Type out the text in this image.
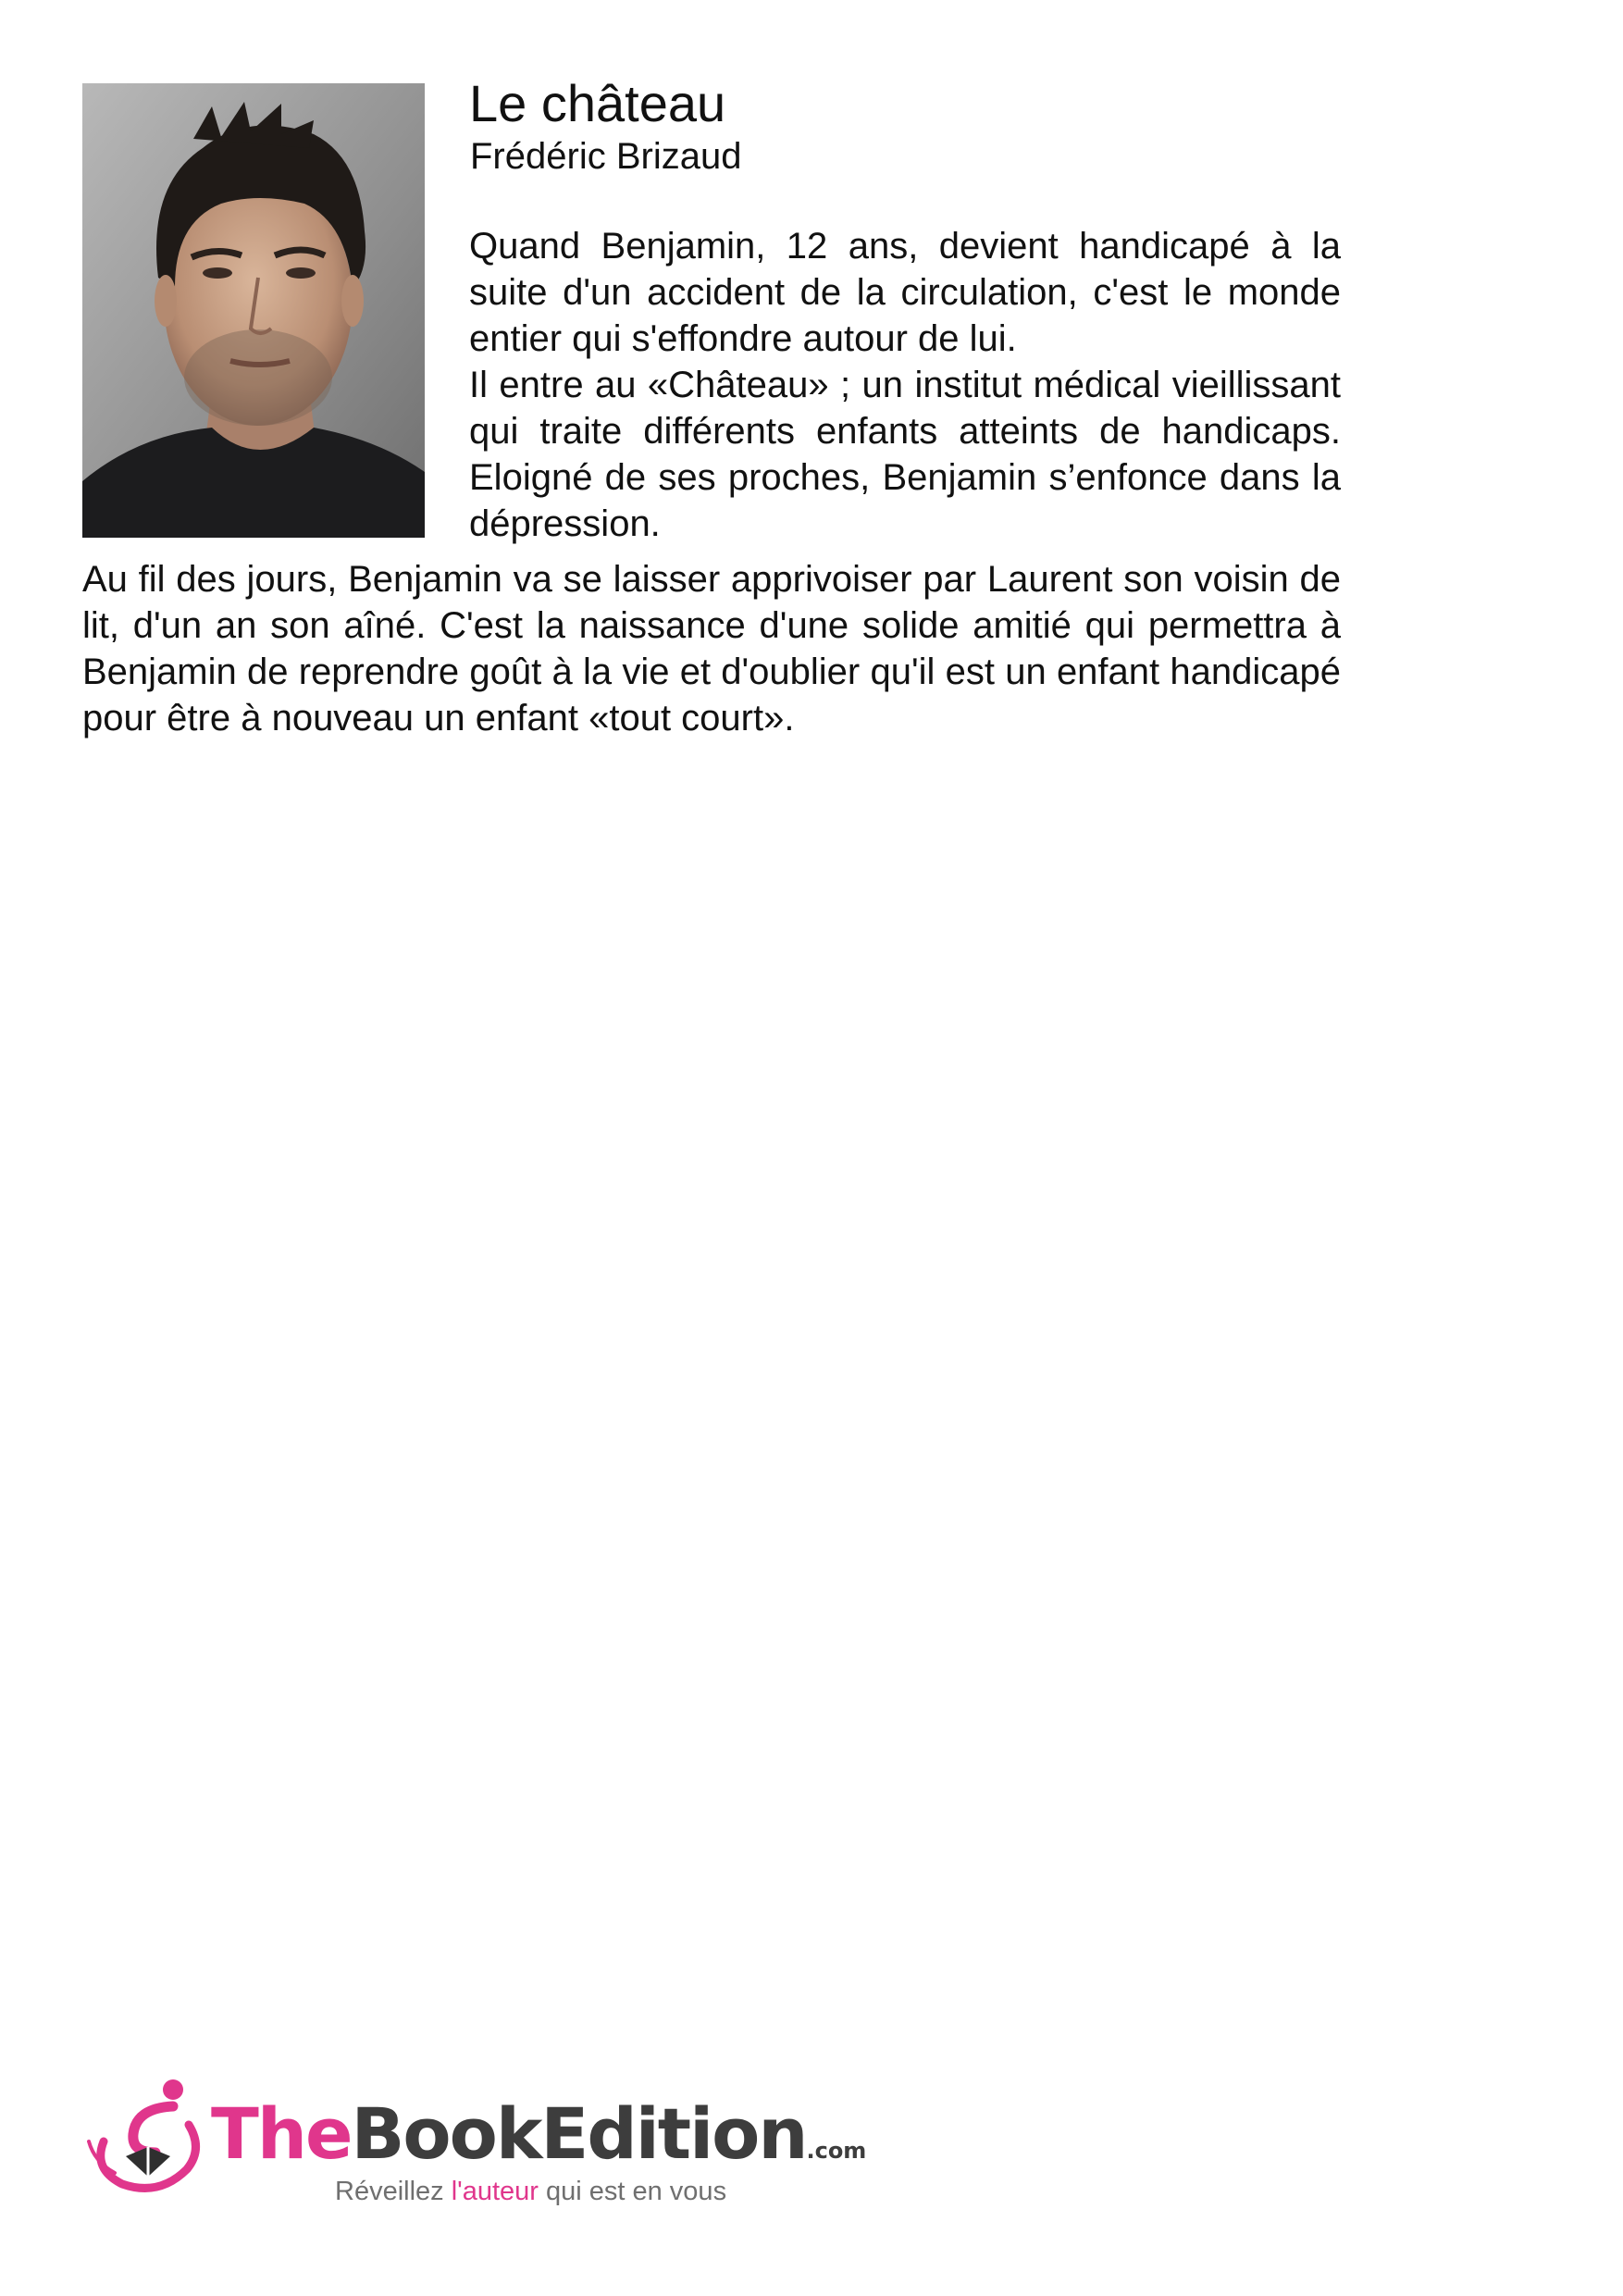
Le château
Frédéric Brizaud

Quand Benjamin, 12 ans, devient handicapé à la suite d'un accident de la circulation, c'est le monde entier qui s'effondre autour de lui.

Il entre au «Château» ; un institut médical vieillissant qui traite différents enfants atteints de handicaps. Eloigné de ses proches, Benjamin s’enfonce dans la dépression.

Au fil des jours, Benjamin va se laisser apprivoiser par Laurent son voisin de lit, d'un an son aîné. C'est la naissance d'une solide amitié qui permettra à Benjamin de reprendre goût à la vie et d'oublier qu'il est un enfant handicapé pour être à nouveau un enfant «tout court».

TheBookEdition.com
Réveillez l'auteur qui est en vous
